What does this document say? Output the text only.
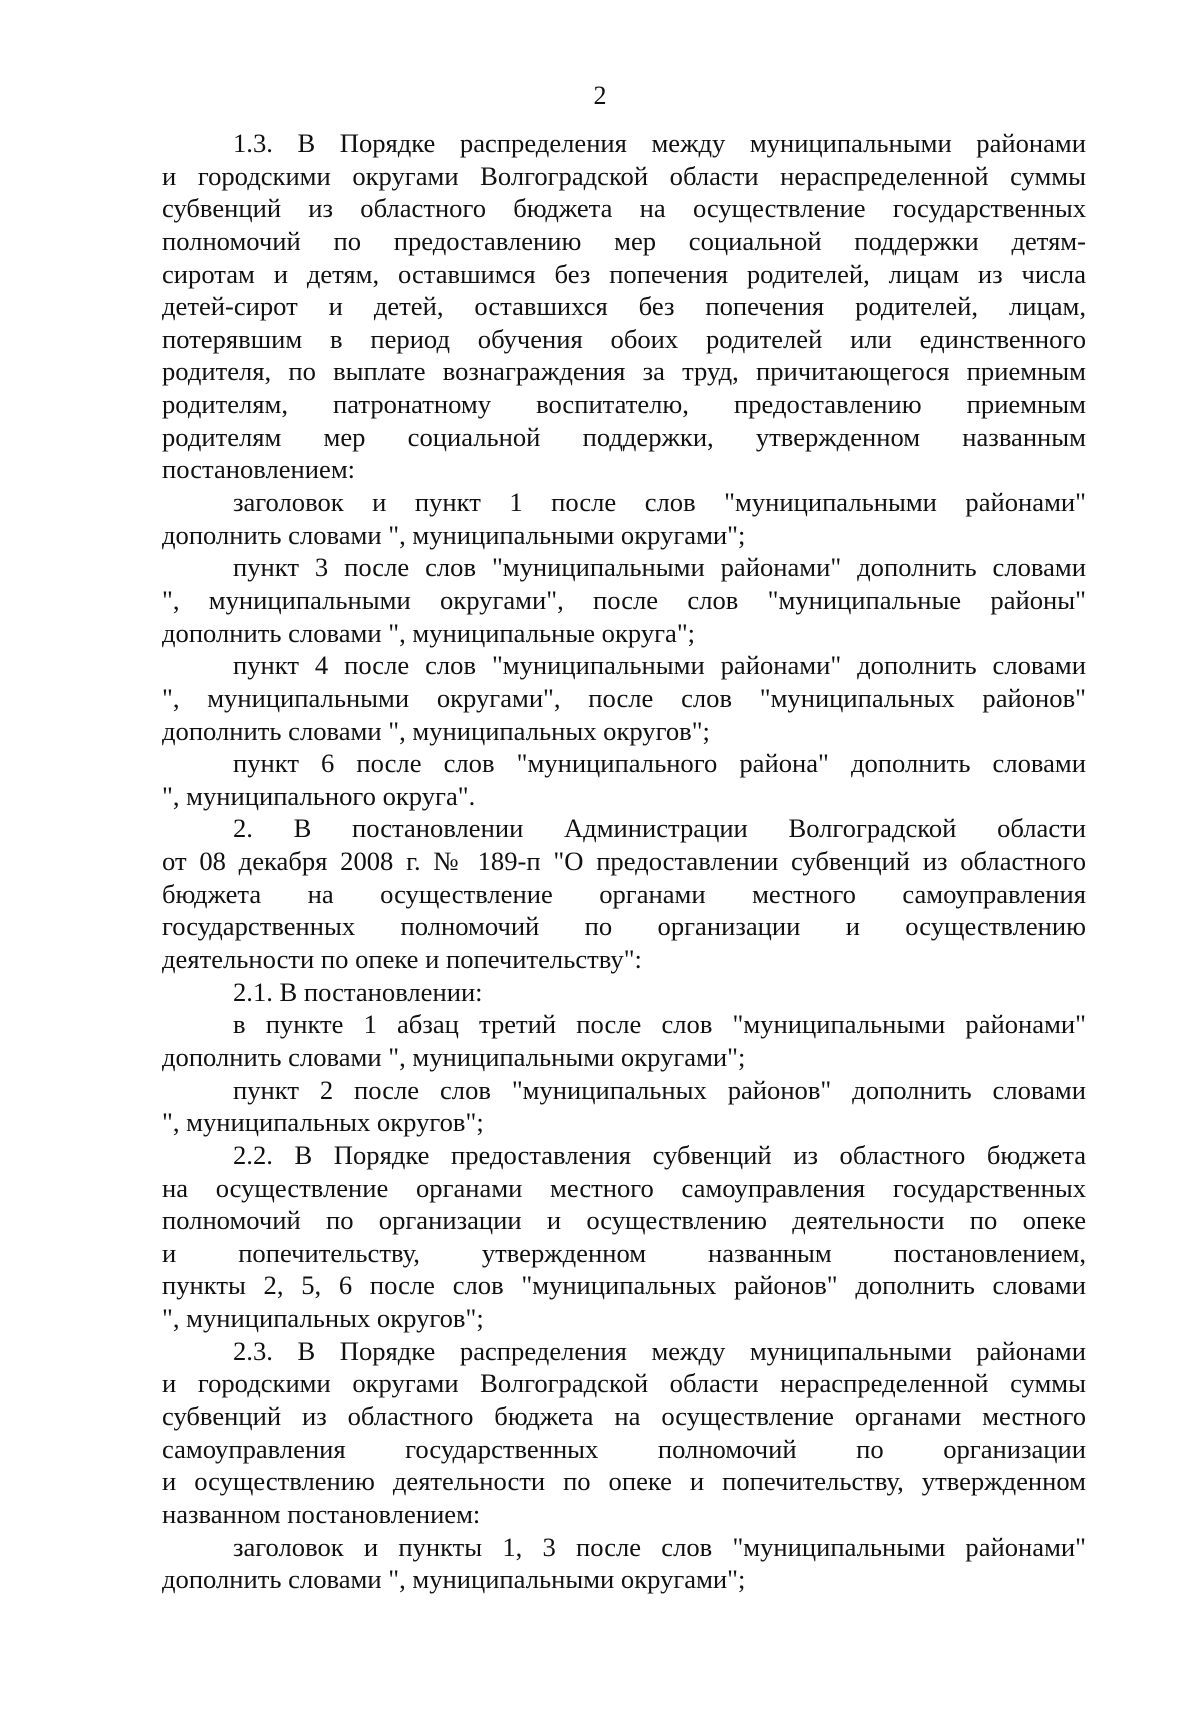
2
1.3. В Порядке распределения между муниципальными районами
и городскими округами Волгоградской области нераспределенной суммы
субвенций из областного бюджета на осуществление государственных
полномочий по предоставлению мер социальной поддержки детям-
сиротам и детям, оставшимся без попечения родителей, лицам из числа
детей-сирот и детей, оставшихся без попечения родителей, лицам,
потерявшим в период обучения обоих родителей или единственного
родителя, по выплате вознаграждения за труд, причитающегося приемным
родителям, патронатному воспитателю, предоставлению приемным
родителям мер социальной поддержки, утвержденном названным
постановлением:
заголовок и пункт 1 после слов "муниципальными районами"
дополнить словами ", муниципальными округами";
пункт 3 после слов "муниципальными районами" дополнить словами
", муниципальными округами", после слов "муниципальные районы"
дополнить словами ", муниципальные округа";
пункт 4 после слов "муниципальными районами" дополнить словами
", муниципальными округами", после слов "муниципальных районов"
дополнить словами ", муниципальных округов";
пункт 6 после слов "муниципального района" дополнить словами
", муниципального округа".
2. В постановлении Администрации Волгоградской области
от 08 декабря 2008 г. № 189-п "О предоставлении субвенций из областного
бюджета на осуществление органами местного самоуправления
государственных полномочий по организации и осуществлению
деятельности по опеке и попечительству":
2.1. В постановлении:
в пункте 1 абзац третий после слов "муниципальными районами"
дополнить словами ", муниципальными округами";
пункт 2 после слов "муниципальных районов" дополнить словами
", муниципальных округов";
2.2. В Порядке предоставления субвенций из областного бюджета
на осуществление органами местного самоуправления государственных
полномочий по организации и осуществлению деятельности по опеке
и попечительству, утвержденном названным постановлением,
пункты 2, 5, 6 после слов "муниципальных районов" дополнить словами
", муниципальных округов";
2.3. В Порядке распределения между муниципальными районами
и городскими округами Волгоградской области нераспределенной суммы
субвенций из областного бюджета на осуществление органами местного
самоуправления государственных полномочий по организации
и осуществлению деятельности по опеке и попечительству, утвержденном
названном постановлением:
заголовок и пункты 1, 3 после слов "муниципальными районами"
дополнить словами ", муниципальными округами";
